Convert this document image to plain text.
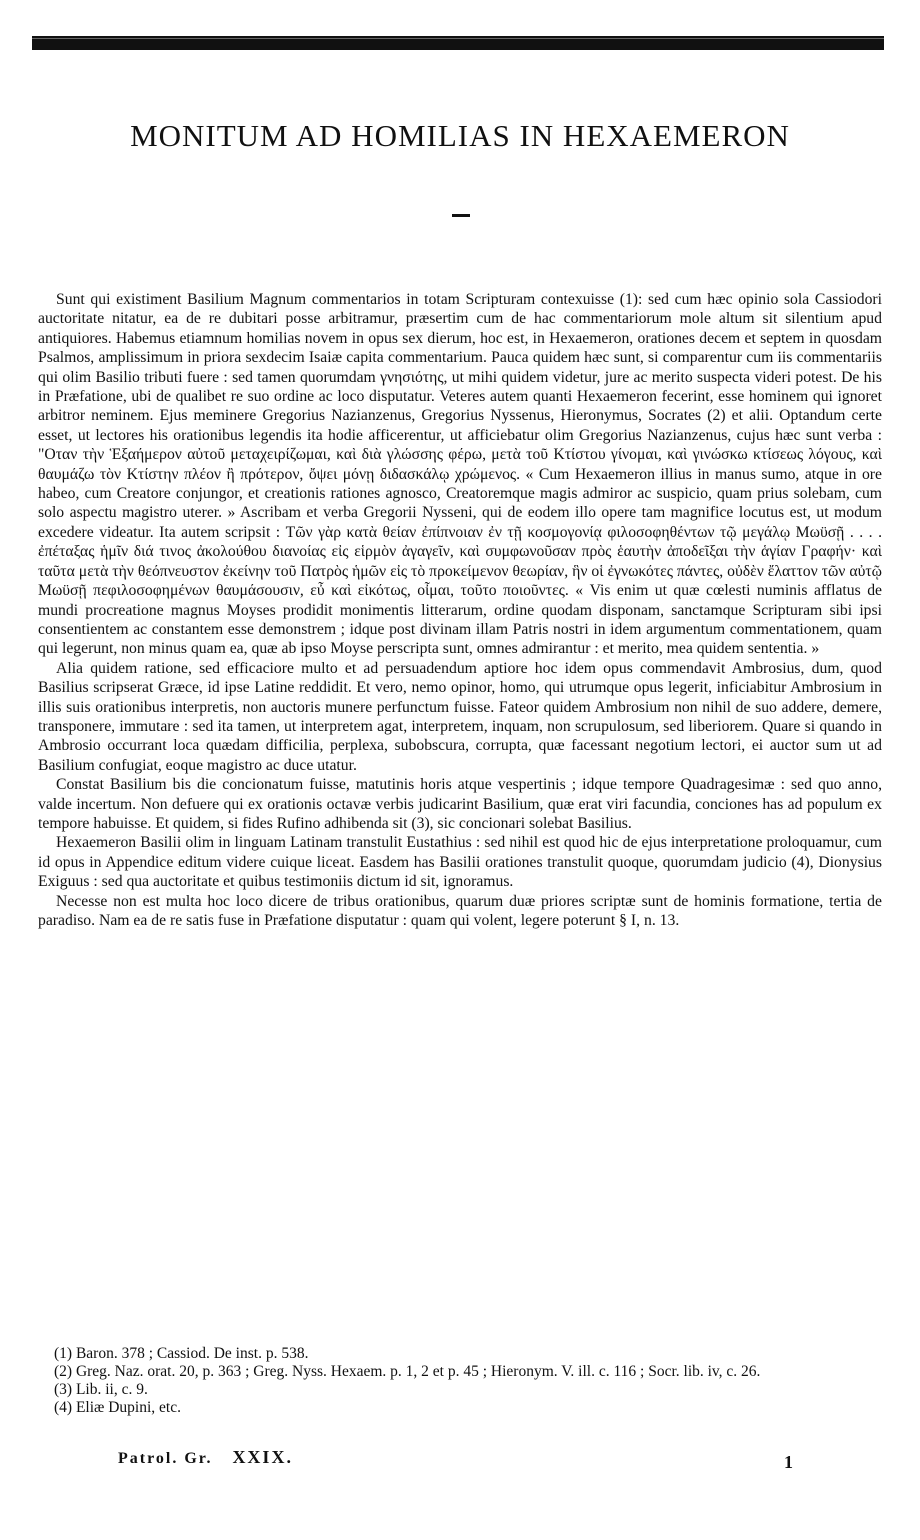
MONITUM AD HOMILIAS IN HEXAEMERON

Sunt qui existiment Basilium Magnum commentarios in totam Scripturam contexuisse (1): sed cum hæc opinio sola Cassiodori auctoritate nitatur, ea de re dubitari posse arbitramur, præsertim cum de hac commentariorum mole altum sit silentium apud antiquiores. Habemus etiamnum homilias novem in opus sex dierum, hoc est, in Hexaemeron, orationes decem et septem in quosdam Psalmos, amplissimum in priora sexdecim Isaiæ capita commentarium. Pauca quidem hæc sunt, si comparentur cum iis commentariis qui olim Basilio tributi fuere : sed tamen quorumdam γνησιότης, ut mihi quidem videtur, jure ac merito suspecta videri potest. De his in Præfatione, ubi de qualibet re suo ordine ac loco disputatur. Veteres autem quanti Hexaemeron fecerint, esse hominem qui ignoret arbitror neminem. Ejus meminere Gregorius Nazianzenus, Gregorius Nyssenus, Hieronymus, Socrates (2) et alii. Optandum certe esset, ut lectores his orationibus legendis ita hodie afficerentur, ut afficiebatur olim Gregorius Nazianzenus, cujus hæc sunt verba : "Οταν τὴν Ἑξαήμερον αὐτοῦ μεταχειρίζωμαι, καὶ διὰ γλώσσης φέρω, μετὰ τοῦ Κτίστου γίνομαι, καὶ γινώσκω κτίσεως λόγους, καὶ θαυμάζω τὸν Κτίστην πλέον ἢ πρότερον, ὄψει μόνῃ διδασκάλῳ χρώμενος. « Cum Hexaemeron illius in manus sumo, atque in ore habeo, cum Creatore conjungor, et creationis rationes agnosco, Creatoremque magis admiror ac suspicio, quam prius solebam, cum solo aspectu magistro uterer. » Ascribam et verba Gregorii Nysseni, qui de eodem illo opere tam magnifice locutus est, ut modum excedere videatur. Ita autem scripsit : Τῶν γὰρ κατὰ θείαν ἐπίπνοιαν ἐν τῇ κοσμογονίᾳ φιλοσοφηθέντων τῷ μεγάλῳ Μωϋσῇ . . . . ἐπέταξας ἡμῖν διά τινος ἀκολούθου διανοίας εἰς εἱρμὸν ἀγαγεῖν, καὶ συμφωνοῦσαν πρὸς ἑαυτὴν ἀποδεῖξαι τὴν ἁγίαν Γραφήν· καὶ ταῦτα μετὰ τὴν θεόπνευστον ἐκείνην τοῦ Πατρὸς ἡμῶν εἰς τὸ προκείμενον θεωρίαν, ἣν οἱ ἐγνωκότες πάντες, οὐδὲν ἔλαττον τῶν αὐτῷ Μωϋσῇ πεφιλοσοφημένων θαυμάσουσιν, εὖ καὶ εἰκότως, οἶμαι, τοῦτο ποιοῦντες. « Vis enim ut quæ cœlesti numinis afflatus de mundi procreatione magnus Moyses prodidit monimentis litterarum, ordine quodam disponam, sanctamque Scripturam sibi ipsi consentientem ac constantem esse demonstrem ; idque post divinam illam Patris nostri in idem argumentum commentationem, quam qui legerunt, non minus quam ea, quæ ab ipso Moyse perscripta sunt, omnes admirantur : et merito, mea quidem sententia. »

Alia quidem ratione, sed efficaciore multo et ad persuadendum aptiore hoc idem opus commendavit Ambrosius, dum, quod Basilius scripserat Græce, id ipse Latine reddidit. Et vero, nemo opinor, homo, qui utrumque opus legerit, inficiabitur Ambrosium in illis suis orationibus interpretis, non auctoris munere perfunctum fuisse. Fateor quidem Ambrosium non nihil de suo addere, demere, transponere, immutare : sed ita tamen, ut interpretem agat, interpretem, inquam, non scrupulosum, sed liberiorem. Quare si quando in Ambrosio occurrant loca quædam difficilia, perplexa, subobscura, corrupta, quæ facessant negotium lectori, ei auctor sum ut ad Basilium confugiat, eoque magistro ac duce utatur.

Constat Basilium bis die concionatum fuisse, matutinis horis atque vespertinis ; idque tempore Quadragesimæ : sed quo anno, valde incertum. Non defuere qui ex orationis octavæ verbis judicarint Basilium, quæ erat viri facundia, conciones has ad populum ex tempore habuisse. Et quidem, si fides Rufino adhibenda sit (3), sic concionari solebat Basilius.

Hexaemeron Basilii olim in linguam Latinam transtulit Eustathius : sed nihil est quod hic de ejus interpretatione proloquamur, cum id opus in Appendice editum videre cuique liceat. Easdem has Basilii orationes transtulit quoque, quorumdam judicio (4), Dionysius Exiguus : sed qua auctoritate et quibus testimoniis dictum id sit, ignoramus.

Necesse non est multa hoc loco dicere de tribus orationibus, quarum duæ priores scriptæ sunt de hominis formatione, tertia de paradiso. Nam ea de re satis fuse in Præfatione disputatur : quam qui volent, legere poterunt § I, n. 13.

(1) Baron. 378 ; Cassiod. De inst. p. 538.
(2) Greg. Naz. orat. 20, p. 363 ; Greg. Nyss. Hexaem. p. 1, 2 et p. 45 ; Hieronym. V. ill. c. 116 ; Socr. lib. iv, c. 26.
(3) Lib. ii, c. 9.
(4) Eliæ Dupini, etc.
Patrol. Gr. XXIX.	1
